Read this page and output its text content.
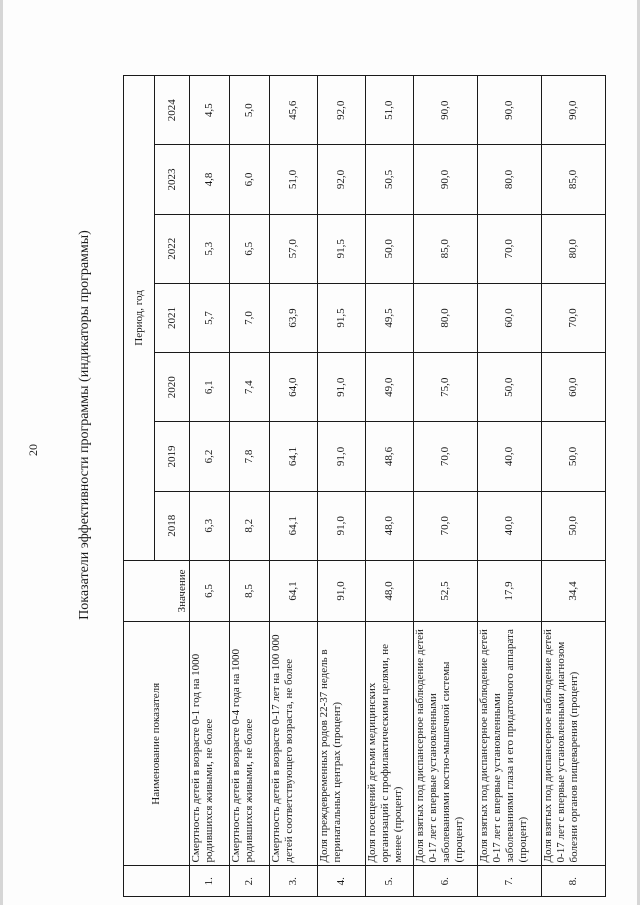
20	Показатели эффективности программы (индикаторы программы)
	Наименование показателя	Значение	Период, год						
			2018	2019	2020	2021	2022	2023	2024
1.	Смертность детей в возрасте 0-1 год на 1000 родившихся живыми, не более	6,5	6,3	6,2	6,1	5,7	5,3	4,8	4,5
2.	Смертность детей в возрасте 0-4 года на 1000 родившихся живыми, не более	8,5	8,2	7,8	7,4	7,0	6,5	6,0	5,0
3.	Смертность детей в возрасте 0-17 лет на 100 000 детей соответствующего возраста, не более	64,1	64,1	64,1	64,0	63,9	57,0	51,0	45,6
4.	Доля преждевременных родов 22-37 недель в перинатальных центрах (процент)	91,0	91,0	91,0	91,0	91,5	91,5	92,0	92,0
5.	Доля посещений детьми медицинских организаций с профилактическими целями, не менее (процент)	48,0	48,0	48,6	49,0	49,5	50,0	50,5	51,0
6.	Доля взятых под диспансерное наблюдение детей 0-17 лет с впервые установленными заболеваниями костно-мышечной системы (процент)	52,5	70,0	70,0	75,0	80,0	85,0	90,0	90,0
7.	Доля взятых под диспансерное наблюдение детей 0-17 лет с впервые установленными заболеваниями глаза и его придаточного аппарата (процент)	17,9	40,0	40,0	50,0	60,0	70,0	80,0	90,0
8.	Доля взятых под диспансерное наблюдение детей 0-17 лет с впервые установленными диагнозом болезни органов пищеварения (процент)	34,4	50,0	50,0	60,0	70,0	80,0	85,0	90,0
